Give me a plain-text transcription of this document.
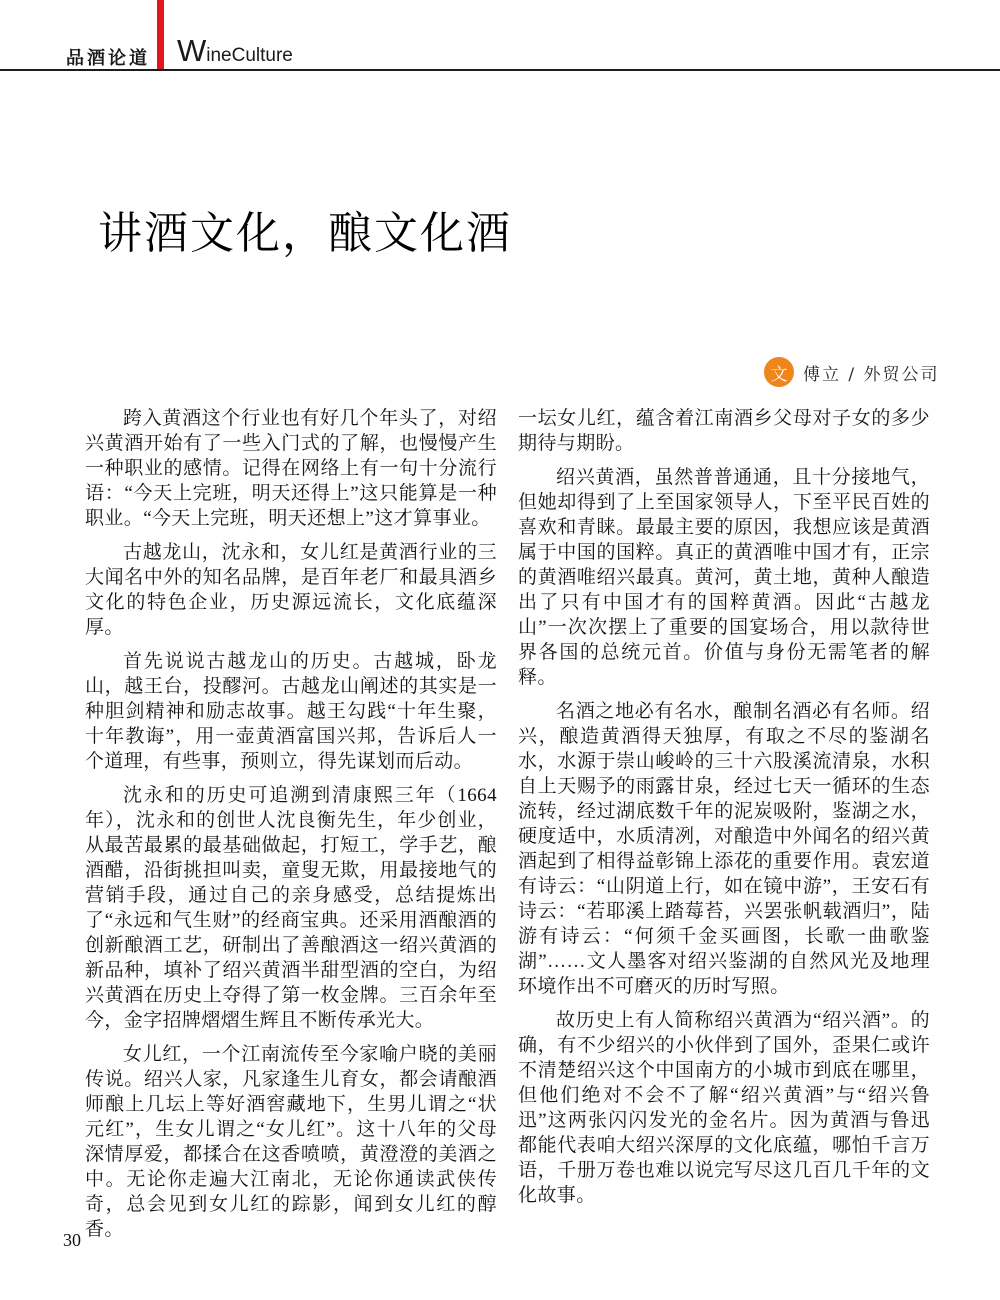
品酒论道 WineCulture
讲酒文化，酿文化酒
文 傅立 / 外贸公司

跨入黄酒这个行业也有好几个年头了，对绍兴黄酒开始有了一些入门式的了解，也慢慢产生一种职业的感情。记得在网络上有一句十分流行语：“今天上完班，明天还得上”这只能算是一种职业。“今天上完班，明天还想上”这才算事业。

古越龙山，沈永和，女儿红是黄酒行业的三大闻名中外的知名品牌，是百年老厂和最具酒乡文化的特色企业，历史源远流长，文化底蕴深厚。

首先说说古越龙山的历史。古越城，卧龙山，越王台，投醪河。古越龙山阐述的其实是一种胆剑精神和励志故事。越王勾践“十年生聚，十年教诲”，用一壶黄酒富国兴邦，告诉后人一个道理，有些事，预则立，得先谋划而后动。

沈永和的历史可追溯到清康熙三年（1664年），沈永和的创世人沈良衡先生，年少创业，从最苦最累的最基础做起，打短工，学手艺，酿酒醋，沿街挑担叫卖，童叟无欺，用最接地气的营销手段，通过自己的亲身感受，总结提炼出了“永远和气生财”的经商宝典。还采用酒酿酒的创新酿酒工艺，研制出了善酿酒这一绍兴黄酒的新品种，填补了绍兴黄酒半甜型酒的空白，为绍兴黄酒在历史上夺得了第一枚金牌。三百余年至今，金字招牌熠熠生辉且不断传承光大。

女儿红，一个江南流传至今家喻户晓的美丽传说。绍兴人家，凡家逢生儿育女，都会请酿酒师酿上几坛上等好酒窖藏地下，生男儿谓之“状元红”，生女儿谓之“女儿红”。这十八年的父母深情厚爱，都揉合在这香喷喷，黄澄澄的美酒之中。无论你走遍大江南北，无论你通读武侠传奇，总会见到女儿红的踪影，闻到女儿红的醇香。

一坛女儿红，蕴含着江南酒乡父母对子女的多少期待与期盼。

绍兴黄酒，虽然普普通通，且十分接地气，但她却得到了上至国家领导人，下至平民百姓的喜欢和青睐。最最主要的原因，我想应该是黄酒属于中国的国粹。真正的黄酒唯中国才有，正宗的黄酒唯绍兴最真。黄河，黄土地，黄种人酿造出了只有中国才有的国粹黄酒。因此“古越龙山”一次次摆上了重要的国宴场合，用以款待世界各国的总统元首。价值与身份无需笔者的解释。

名酒之地必有名水，酿制名酒必有名师。绍兴，酿造黄酒得天独厚，有取之不尽的鉴湖名水，水源于崇山峻岭的三十六股溪流清泉，水积自上天赐予的雨露甘泉，经过七天一循环的生态流转，经过湖底数千年的泥炭吸附，鉴湖之水，硬度适中，水质清冽，对酿造中外闻名的绍兴黄酒起到了相得益彰锦上添花的重要作用。袁宏道有诗云：“山阴道上行，如在镜中游”，王安石有诗云：“若耶溪上踏莓苔，兴罢张帆载酒归”，陆游有诗云：“何须千金买画图，长歌一曲歌鉴湖”……文人墨客对绍兴鉴湖的自然风光及地理环境作出不可磨灭的历时写照。

故历史上有人简称绍兴黄酒为“绍兴酒”。的确，有不少绍兴的小伙伴到了国外，歪果仁或许不清楚绍兴这个中国南方的小城市到底在哪里，但他们绝对不会不了解“绍兴黄酒”与“绍兴鲁迅”这两张闪闪发光的金名片。因为黄酒与鲁迅都能代表咱大绍兴深厚的文化底蕴，哪怕千言万语，千册万卷也难以说完写尽这几百几千年的文化故事。

30
